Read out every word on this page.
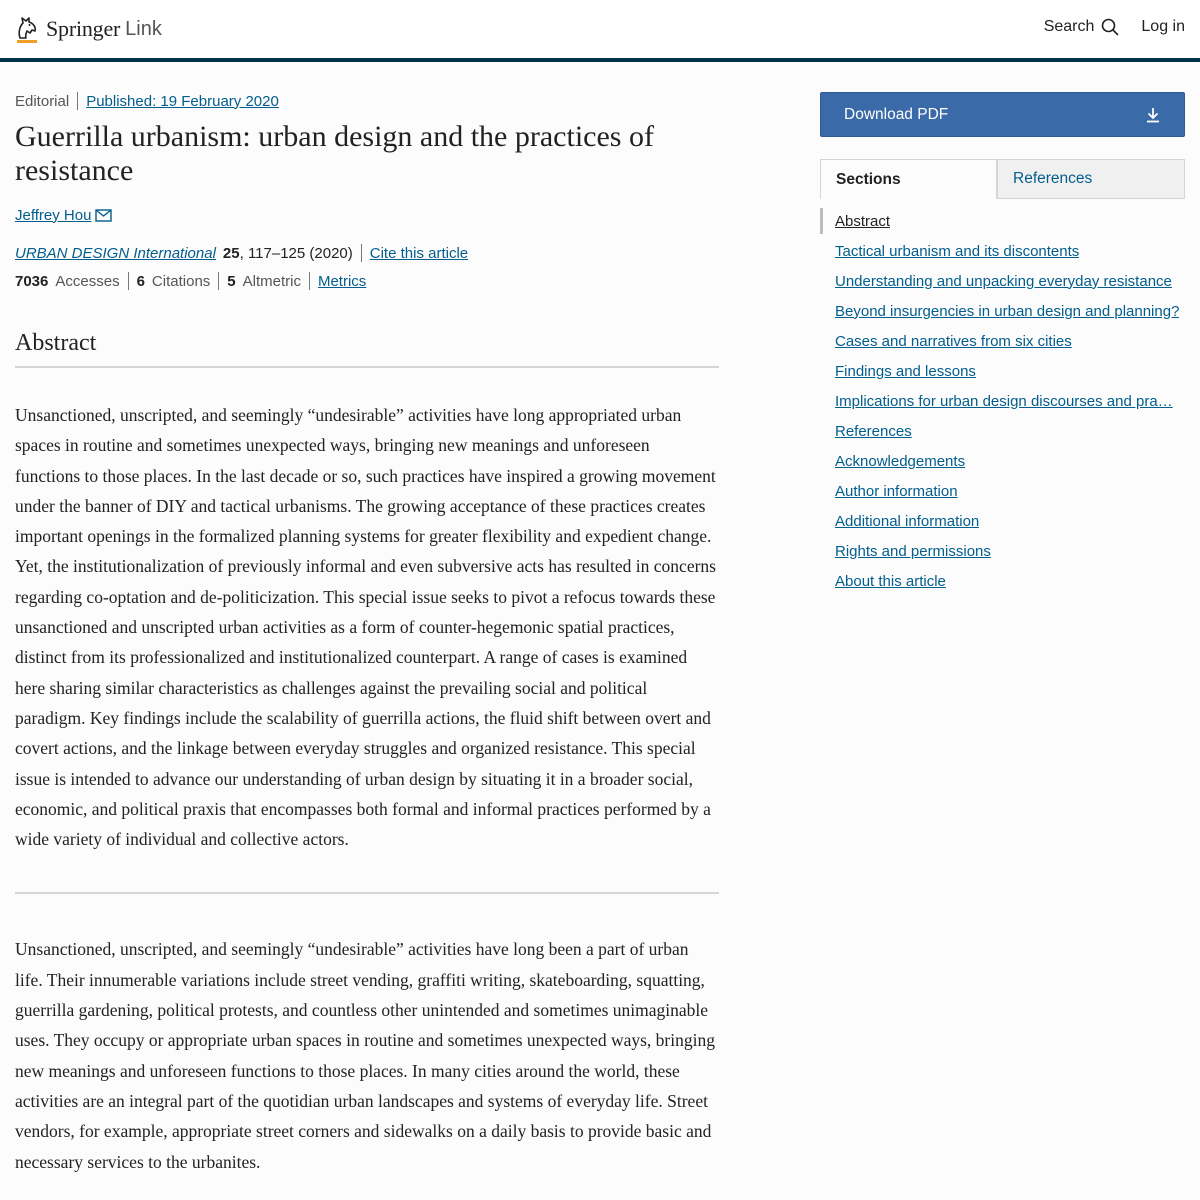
Springer Link	Search	Log in
Editorial Published: 19 February 2020
Guerrilla urbanism: urban design and the practices of resistance
Jeffrey Hou
URBAN DESIGN International 25 , 117–125 (2020) Cite this article
7036 Accesses 6 Citations 5 Altmetric Metrics
Abstract

Unsanctioned, unscripted, and seemingly “undesirable” activities have long appropriated urban spaces in routine and sometimes unexpected ways, bringing new meanings and unforeseen functions to those places. In the last decade or so, such practices have inspired a growing movement under the banner of DIY and tactical urbanisms. The growing acceptance of these practices creates important openings in the formalized planning systems for greater flexibility and expedient change. Yet, the institutionalization of previously informal and even subversive acts has resulted in concerns regarding co-optation and de-politicization. This special issue seeks to pivot a refocus towards these unsanctioned and unscripted urban activities as a form of counter-hegemonic spatial practices, distinct from its professionalized and institutionalized counterpart. A range of cases is examined here sharing similar characteristics as challenges against the prevailing social and political paradigm. Key findings include the scalability of guerrilla actions, the fluid shift between overt and covert actions, and the linkage between everyday struggles and organized resistance. This special issue is intended to advance our understanding of urban design by situating it in a broader social, economic, and political praxis that encompasses both formal and informal practices performed by a wide variety of individual and collective actors.

Unsanctioned, unscripted, and seemingly “undesirable” activities have long been a part of urban life. Their innumerable variations include street vending, graffiti writing, skateboarding, squatting, guerrilla gardening, political protests, and countless other unintended and sometimes unimaginable uses. They occupy or appropriate urban spaces in routine and sometimes unexpected ways, bringing new meanings and unforeseen functions to those places. In many cities around the world, these activities are an integral part of the quotidian urban landscapes and systems of everyday life. Street vendors, for example, appropriate street corners and sidewalks on a daily basis to provide basic and necessary services to the urbanites.

Download PDF
Sections	References
Abstract
Tactical urbanism and its discontents
Understanding and unpacking everyday resistance
Beyond insurgencies in urban design and planning?
Cases and narratives from six cities
Findings and lessons
Implications for urban design discourses and pra…
References
Acknowledgements
Author information
Additional information
Rights and permissions
About this article
